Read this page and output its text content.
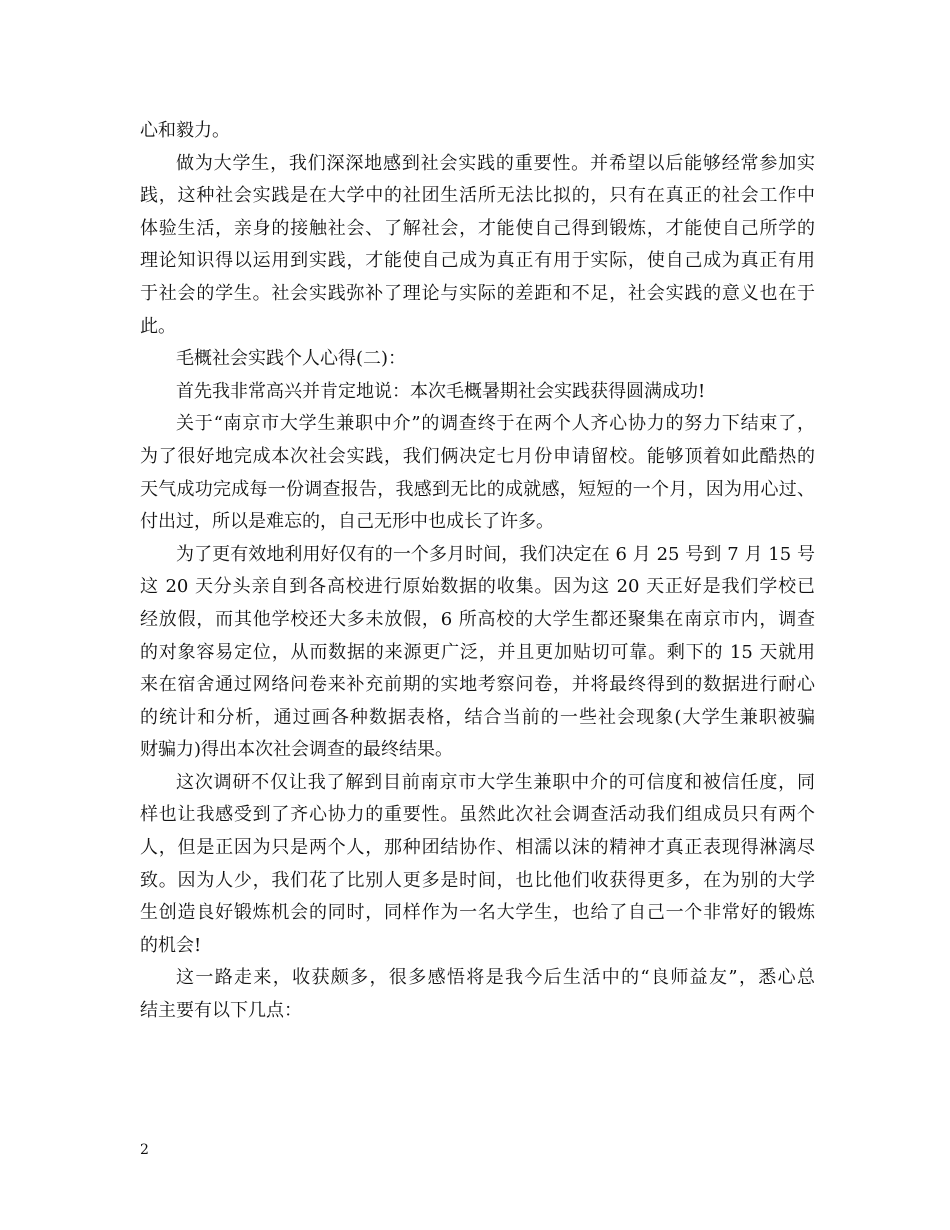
心和毅力。
做为大学生，我们深深地感到社会实践的重要性。并希望以后能够经常参加实
践，这种社会实践是在大学中的社团生活所无法比拟的，只有在真正的社会工作中
体验生活，亲身的接触社会、了解社会，才能使自己得到锻炼，才能使自己所学的
理论知识得以运用到实践，才能使自己成为真正有用于实际，使自己成为真正有用
于社会的学生。社会实践弥补了理论与实际的差距和不足，社会实践的意义也在于
此。
毛概社会实践个人心得(二)：
首先我非常高兴并肯定地说：本次毛概暑期社会实践获得圆满成功!
关于“南京市大学生兼职中介”的调查终于在两个人齐心协力的努力下结束了，
为了很好地完成本次社会实践，我们俩决定七月份申请留校。能够顶着如此酷热的
天气成功完成每一份调查报告，我感到无比的成就感，短短的一个月，因为用心过、
付出过，所以是难忘的，自己无形中也成长了许多。
为了更有效地利用好仅有的一个多月时间，我们决定在 6 月 25 号到 7 月 15 号
这 20 天分头亲自到各高校进行原始数据的收集。因为这 20 天正好是我们学校已
经放假，而其他学校还大多未放假，6 所高校的大学生都还聚集在南京市内，调查
的对象容易定位，从而数据的来源更广泛，并且更加贴切可靠。剩下的 15 天就用
来在宿舍通过网络问卷来补充前期的实地考察问卷，并将最终得到的数据进行耐心
的统计和分析，通过画各种数据表格，结合当前的一些社会现象(大学生兼职被骗
财骗力)得出本次社会调查的最终结果。
这次调研不仅让我了解到目前南京市大学生兼职中介的可信度和被信任度，同
样也让我感受到了齐心协力的重要性。虽然此次社会调查活动我们组成员只有两个
人，但是正因为只是两个人，那种团结协作、相濡以沫的精神才真正表现得淋漓尽
致。因为人少，我们花了比别人更多是时间，也比他们收获得更多，在为别的大学
生创造良好锻炼机会的同时，同样作为一名大学生，也给了自己一个非常好的锻炼
的机会!
这一路走来，收获颇多，很多感悟将是我今后生活中的“良师益友”，悉心总
结主要有以下几点：
2
